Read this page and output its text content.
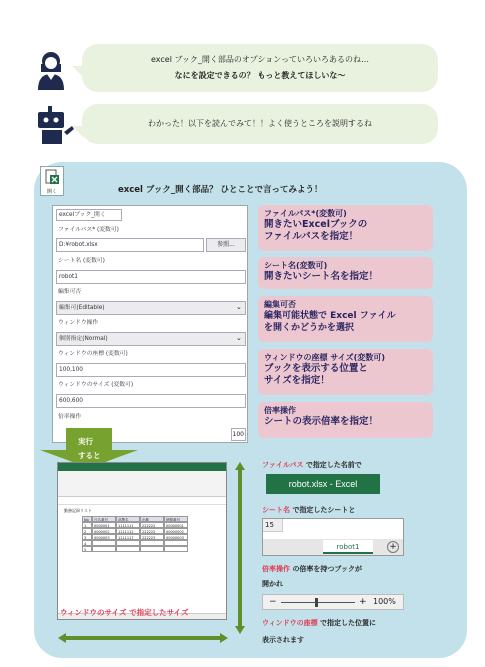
excel ブック_開く部品のオプションっていろいろあるのね…
なにを設定できるの？ もっと教えてほしいな～
わかった！以下を読んでみて！！よく使うところを説明するね
開く	excel ブック_開く部品？ ひとことで言ってみよう！
excelブック_開く
ファイルパス* (変数可)
D:¥robot.xlsx	参照...
シート名 (変数可)
robot1
編集可否
編集可(Editable)	⌄
ウィンドウ操作
個別指定(Normal)	⌄
ウィンドウの座標 (変数可)
100,100
ウィンドウのサイズ (変数可)
600,600
倍率操作
100
ファイルパス*(変数可)
開きたいExcelブックの
ファイルパスを指定！
シート名(変数可)
開きたいシート名を指定！
編集可否
編集可能状態で Excel ファイル
を開くかどうかを選択
ウィンドウの座標 サイズ(変数可)
ブックを表示する位置と
サイズを指定！
倍率操作
シートの表示倍率を指定！
実行
すると
勤務記録リスト
No	氏名番号	部署名	出勤	時間番号
1	0000001	1111111	222222	00000001
2	0000002	1111112	222222	00000002
3	0000003	1111117	222223	00000003
4
5
ウィンドウのサイズ で指定したサイズ
ファイルパス で指定した名前で
robot.xlsx - Excel
シート名 で指定したシートと
15
robot1	+
倍率操作 の倍率を持つブックが
開かれ
−	+ 100%
ウィンドウの座標 で指定した位置に
表示されます
